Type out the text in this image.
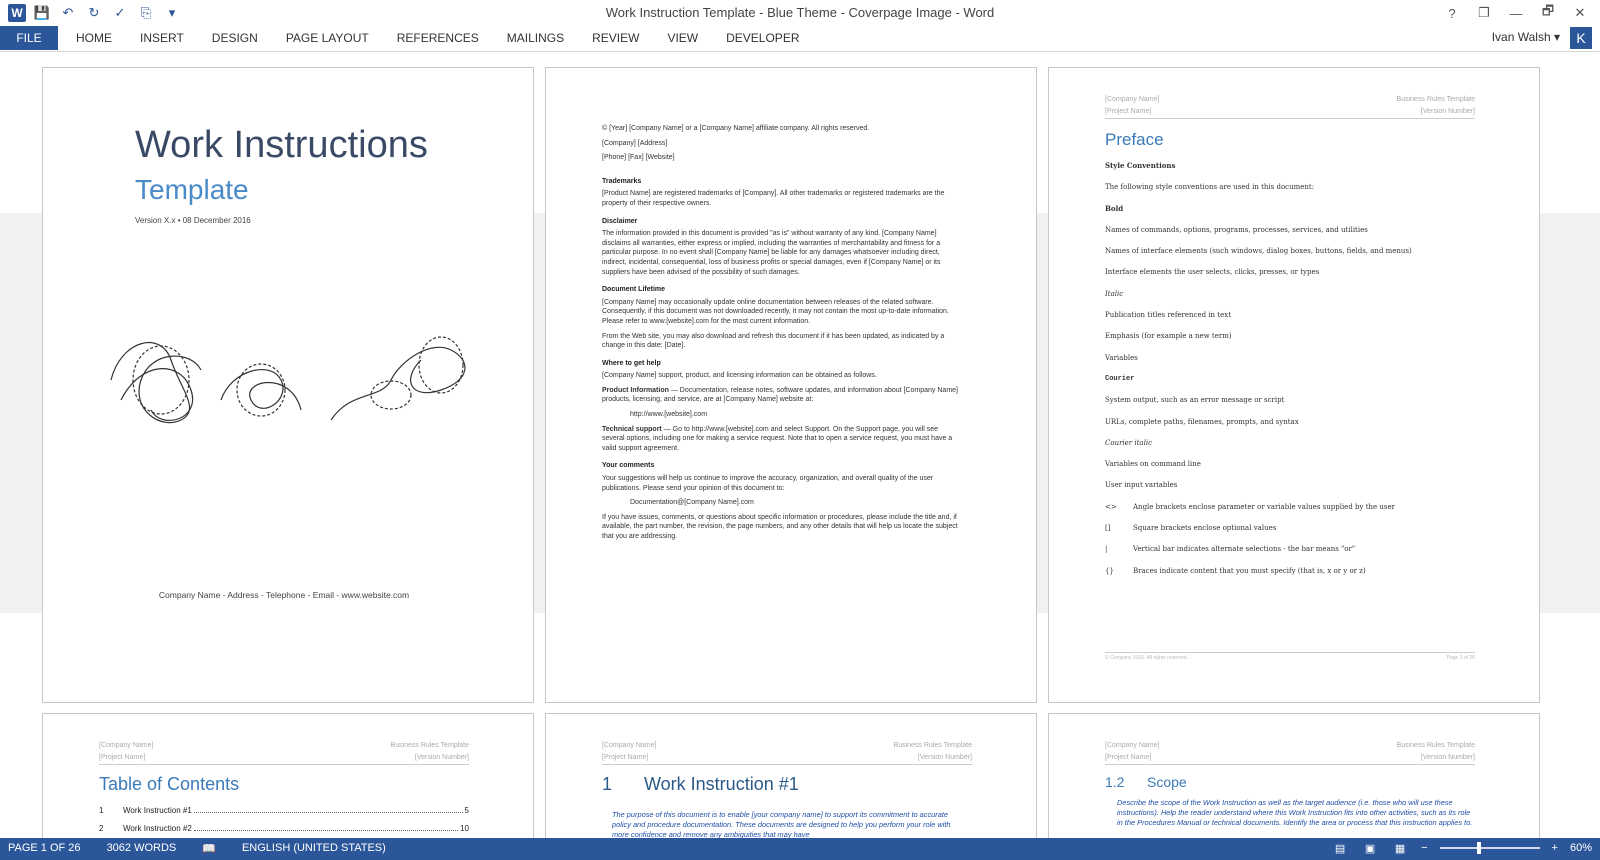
W 💾 ↶	↻	✓	⎘	▾	Work Instruction Template - Blue Theme - Coverpage Image - Word	?	❐	—	🗗	✕
FILE	HOME	INSERT	DESIGN	PAGE LAYOUT	REFERENCES	MAILINGS	REVIEW	VIEW	DEVELOPER	Ivan Walsh ▾	K
Work Instructions
Template
Version X.x • 08 December 2016
Company Name - Address - Telephone - Email - www.website.com

© [Year] [Company Name] or a [Company Name] affiliate company. All rights reserved.

[Company] [Address]

[Phone] [Fax] [Website]

Trademarks

[Product Name] are registered trademarks of [Company]. All other trademarks or registered trademarks are the property of their respective owners.

Disclaimer

The information provided in this document is provided "as is" without warranty of any kind. [Company Name] disclaims all warranties, either express or implied, including the warranties of merchantability and fitness for a particular purpose. In no event shall [Company Name] be liable for any damages whatsoever including direct, indirect, incidental, consequential, loss of business profits or special damages, even if [Company Name] or its suppliers have been advised of the possibility of such damages.

Document Lifetime

[Company Name] may occasionally update online documentation between releases of the related software. Consequently, if this document was not downloaded recently, it may not contain the most up-to-date information. Please refer to www.[website].com for the most current information.

From the Web site, you may also download and refresh this document if it has been updated, as indicated by a change in this date: [Date].

Where to get help

[Company Name] support, product, and licensing information can be obtained as follows.

Product Information — Documentation, release notes, software updates, and information about [Company Name] products, licensing, and service, are at [Company Name] website at:

http://www.[website].com

Technical support — Go to http://www.[website].com and select Support. On the Support page, you will see several options, including one for making a service request. Note that to open a service request, you must have a valid support agreement.

Your comments

Your suggestions will help us continue to improve the accuracy, organization, and overall quality of the user publications. Please send your opinion of this document to:

Documentation@[Company Name].com

If you have issues, comments, or questions about specific information or procedures, please include the title and, if available, the part number, the revision, the page numbers, and any other details that will help us locate the subject that you are addressing.

[Company Name]	Business Rules Template
[Project Name]	[Version Number]
Preface
Style Conventions
The following style conventions are used in this document:
Bold
Names of commands, options, programs, processes, services, and utilities
Names of interface elements (such windows, dialog boxes, buttons, fields, and menus)
Interface elements the user selects, clicks, presses, or types
Italic
Publication titles referenced in text
Emphasis (for example a new term)
Variables
Courier
System output, such as an error message or script
URLs, complete paths, filenames, prompts, and syntax
Courier italic
Variables on command line
User input variables
<> Angle brackets enclose parameter or variable values supplied by the user
[]	Square brackets enclose optional values
|	Vertical bar indicates alternate selections - the bar means "or"
{}	Braces indicate content that you must specify (that is, x or y or z)
© Company 2016. All rights reserved.	Page 3 of 26
[Company Name]	Business Rules Template
[Project Name]	[Version Number]
Table of Contents
1	Work Instruction #1	5
2	Work Instruction #2	10
[Company Name]	Business Rules Template
[Project Name]	[Version Number]
1 Work Instruction #1
The purpose of this document is to enable [your company name] to support its commitment to accurate policy and procedure documentation. These documents are designed to help you perform your role with more confidence and remove any ambiguities that may have
[Company Name]	Business Rules Template
[Project Name]	[Version Number]
1.2 Scope
Describe the scope of the Work Instruction as well as the target audience (i.e. those who will use these instructions). Help the reader understand where this Work Instruction fits into other activities, such as its role in the Procedures Manual or technical documents. Identify the area or process that this instruction applies to.
PAGE 1 OF 26 3062 WORDS 📖 ENGLISH (UNITED STATES)	▤	▣	▦	−	+ 60%
